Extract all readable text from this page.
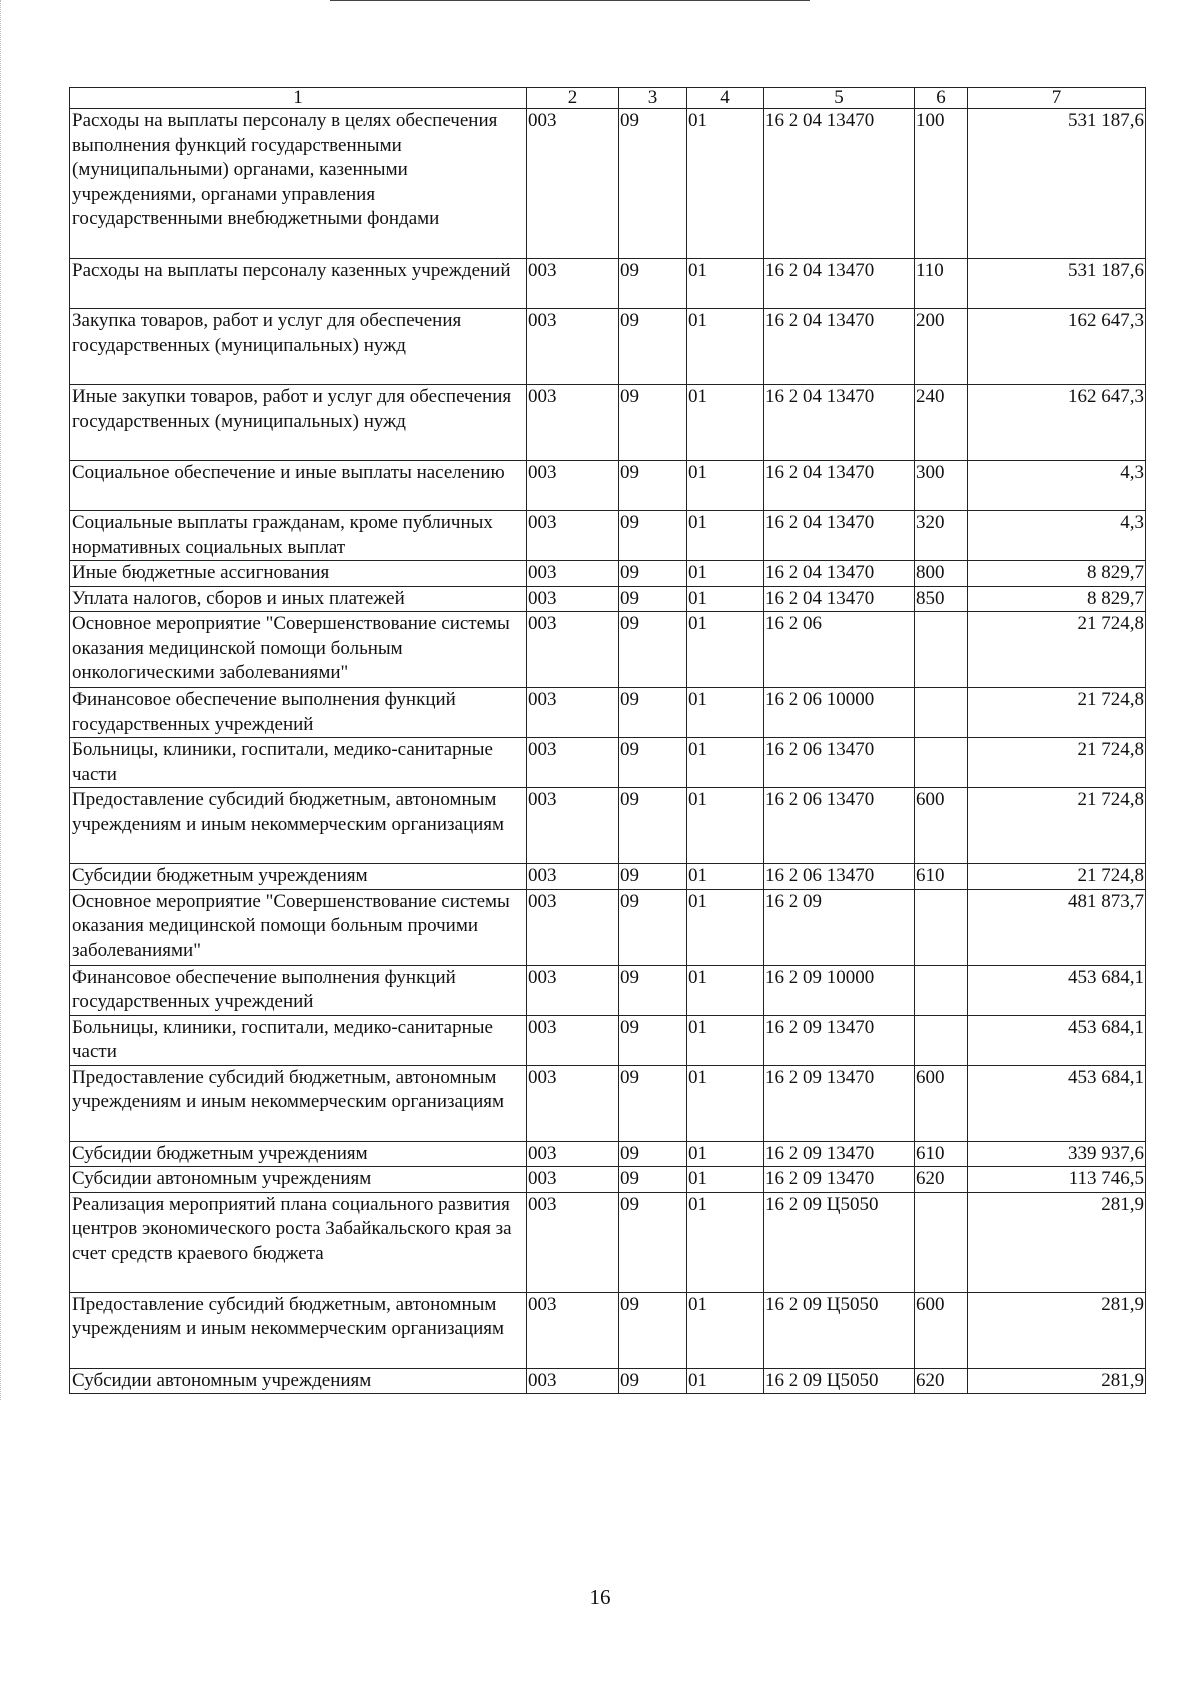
1	2	3	4	5	6	7
Расходы на выплаты персоналу в целях обеспечения выполнения функций государственными (муниципальными) органами, казенными учреждениями, органами управления государственными внебюджетными фондами	003	09	01	16 2 04 13470	100	531 187,6
Расходы на выплаты персоналу казенных учреждений	003	09	01	16 2 04 13470	110	531 187,6
Закупка товаров, работ и услуг для обеспечения государственных (муниципальных) нужд	003	09	01	16 2 04 13470	200	162 647,3
Иные закупки товаров, работ и услуг для обеспечения государственных (муниципальных) нужд	003	09	01	16 2 04 13470	240	162 647,3
Социальное обеспечение и иные выплаты населению	003	09	01	16 2 04 13470	300	4,3
Социальные выплаты гражданам, кроме публичных нормативных социальных выплат	003	09	01	16 2 04 13470	320	4,3
Иные бюджетные ассигнования	003	09	01	16 2 04 13470	800	8 829,7
Уплата налогов, сборов и иных платежей	003	09	01	16 2 04 13470	850	8 829,7
Основное мероприятие "Совершенствование системы оказания медицинской помощи больным онкологическими заболеваниями"	003	09	01	16 2 06		21 724,8
Финансовое обеспечение выполнения функций государственных учреждений	003	09	01	16 2 06 10000		21 724,8
Больницы, клиники, госпитали, медико-санитарные части	003	09	01	16 2 06 13470		21 724,8
Предоставление субсидий бюджетным, автономным учреждениям и иным некоммерческим организациям	003	09	01	16 2 06 13470	600	21 724,8
Субсидии бюджетным учреждениям	003	09	01	16 2 06 13470	610	21 724,8
Основное мероприятие "Совершенствование системы оказания медицинской помощи больным прочими заболеваниями"	003	09	01	16 2 09		481 873,7
Финансовое обеспечение выполнения функций государственных учреждений	003	09	01	16 2 09 10000		453 684,1
Больницы, клиники, госпитали, медико-санитарные части	003	09	01	16 2 09 13470		453 684,1
Предоставление субсидий бюджетным, автономным учреждениям и иным некоммерческим организациям	003	09	01	16 2 09 13470	600	453 684,1
Субсидии бюджетным учреждениям	003	09	01	16 2 09 13470	610	339 937,6
Субсидии автономным учреждениям	003	09	01	16 2 09 13470	620	113 746,5
Реализация мероприятий плана социального развития центров экономического роста Забайкальского края за счет средств краевого бюджета	003	09	01	16 2 09 Ц5050		281,9
Предоставление субсидий бюджетным, автономным учреждениям и иным некоммерческим организациям	003	09	01	16 2 09 Ц5050	600	281,9
Субсидии автономным учреждениям	003	09	01	16 2 09 Ц5050	620	281,9
16
